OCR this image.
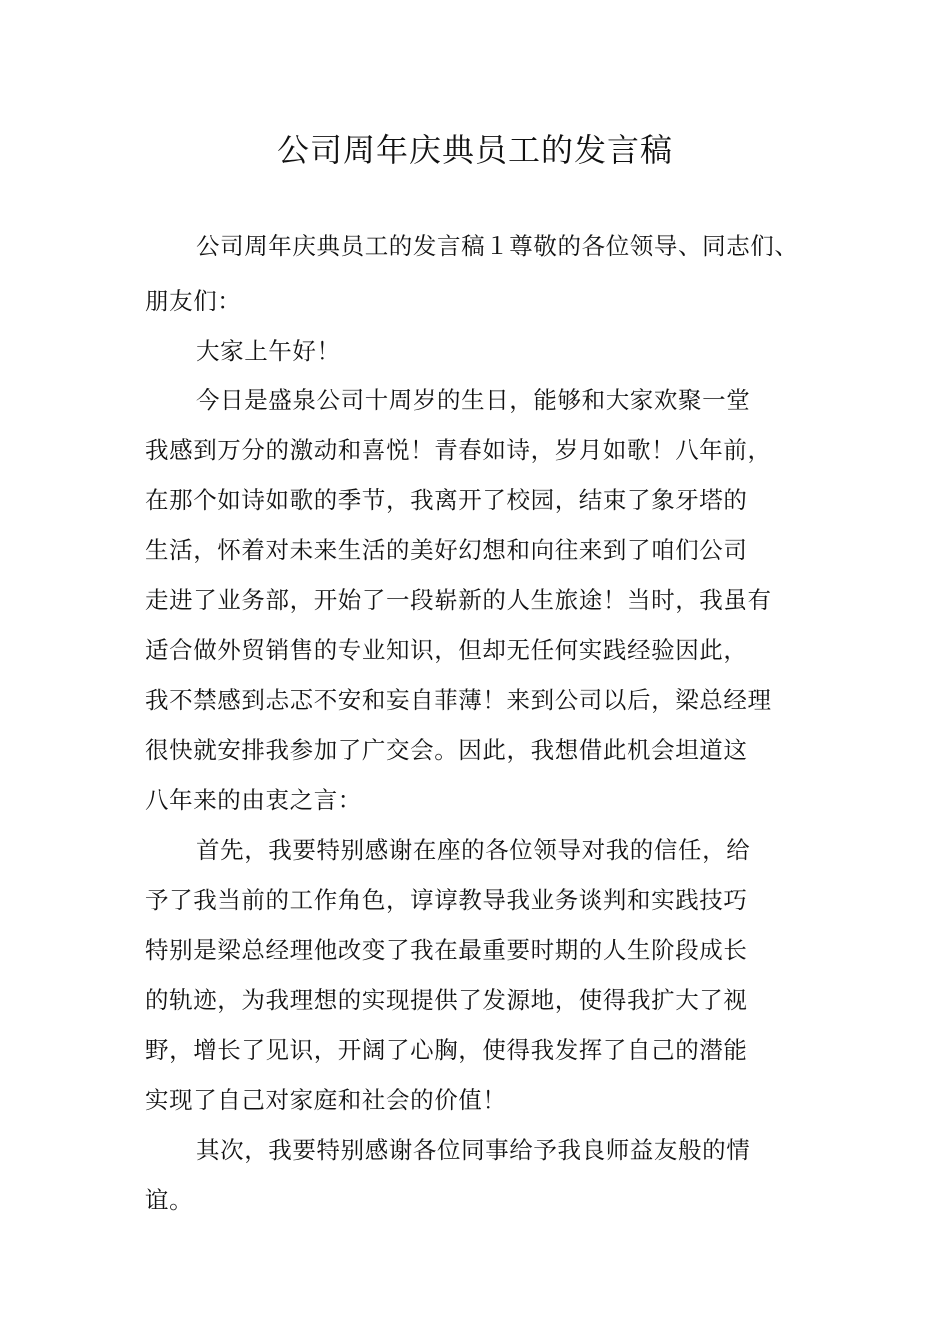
公司周年庆典员工的发言稿

公司周年庆典员工的发言稿１尊敬的各位领导、同志们、

朋友们：

大家上午好！

今日是盛泉公司十周岁的生日，能够和大家欢聚一堂

我感到万分的激动和喜悦！青春如诗，岁月如歌！八年前，

在那个如诗如歌的季节，我离开了校园，结束了象牙塔的

生活，怀着对未来生活的美好幻想和向往来到了咱们公司

走进了业务部，开始了一段崭新的人生旅途！当时，我虽有

适合做外贸销售的专业知识，但却无任何实践经验因此，

我不禁感到忐忑不安和妄自菲薄！来到公司以后，梁总经理

很快就安排我参加了广交会。因此，我想借此机会坦道这

八年来的由衷之言：

首先，我要特别感谢在座的各位领导对我的信任，给

予了我当前的工作角色，谆谆教导我业务谈判和实践技巧

特别是梁总经理他改变了我在最重要时期的人生阶段成长

的轨迹，为我理想的实现提供了发源地，使得我扩大了视

野，增长了见识，开阔了心胸，使得我发挥了自己的潜能

实现了自己对家庭和社会的价值！

其次，我要特别感谢各位同事给予我良师益友般的情

谊。
